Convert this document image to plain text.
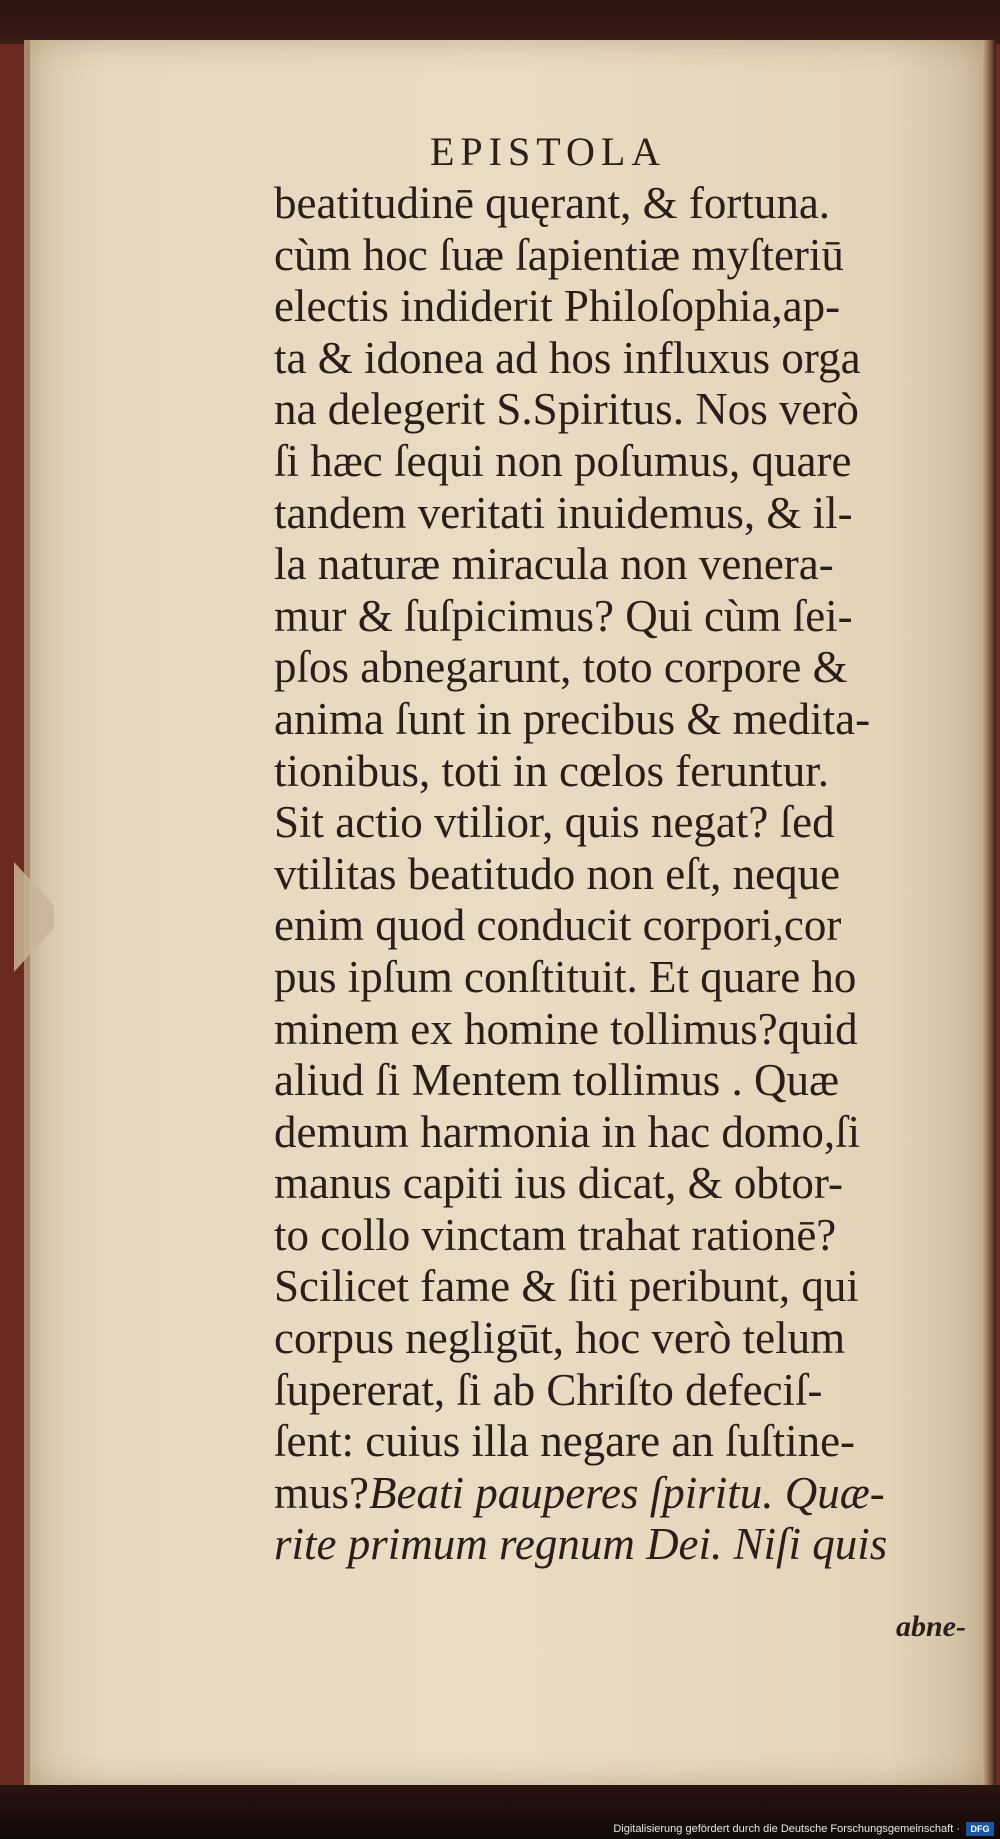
EPISTOLA
beatitudinē quęrant, & fortuna.
cùm hoc ſuæ ſapientiæ myſteriū
electis indiderit Philoſophia,ap-
ta & idonea ad hos influxus orga
na delegerit S.Spiritus. Nos verò
ſi hæc ſequi non poſumus, quare
tandem veritati inuidemus, & il-
la naturæ miracula non venera-
mur & ſuſpicimus? Qui cùm ſei-
pſos abnegarunt, toto corpore &
anima ſunt in precibus & medita-
tionibus, toti in cœlos feruntur.
Sit actio vtilior, quis negat? ſed
vtilitas beatitudo non eſt, neque
enim quod conducit corpori,cor
pus ipſum conſtituit. Et quare ho
minem ex homine tollimus?quid
aliud ſi Mentem tollimus . Quæ
demum harmonia in hac domo,ſi
manus capiti ius dicat, & obtor-
to collo vinctam trahat rationē?
Scilicet fame & ſiti peribunt, qui
corpus negligūt, hoc verò telum
ſupererat, ſi ab Chriſto defeciſ-
ſent: cuius illa negare an ſuſtine-
mus?Beati pauperes ſpiritu. Quæ-
rite primum regnum Dei. Niſi quis
abne-
Digitalisierung gefördert durch die Deutsche Forschungsgemeinschaft ·	DFG
